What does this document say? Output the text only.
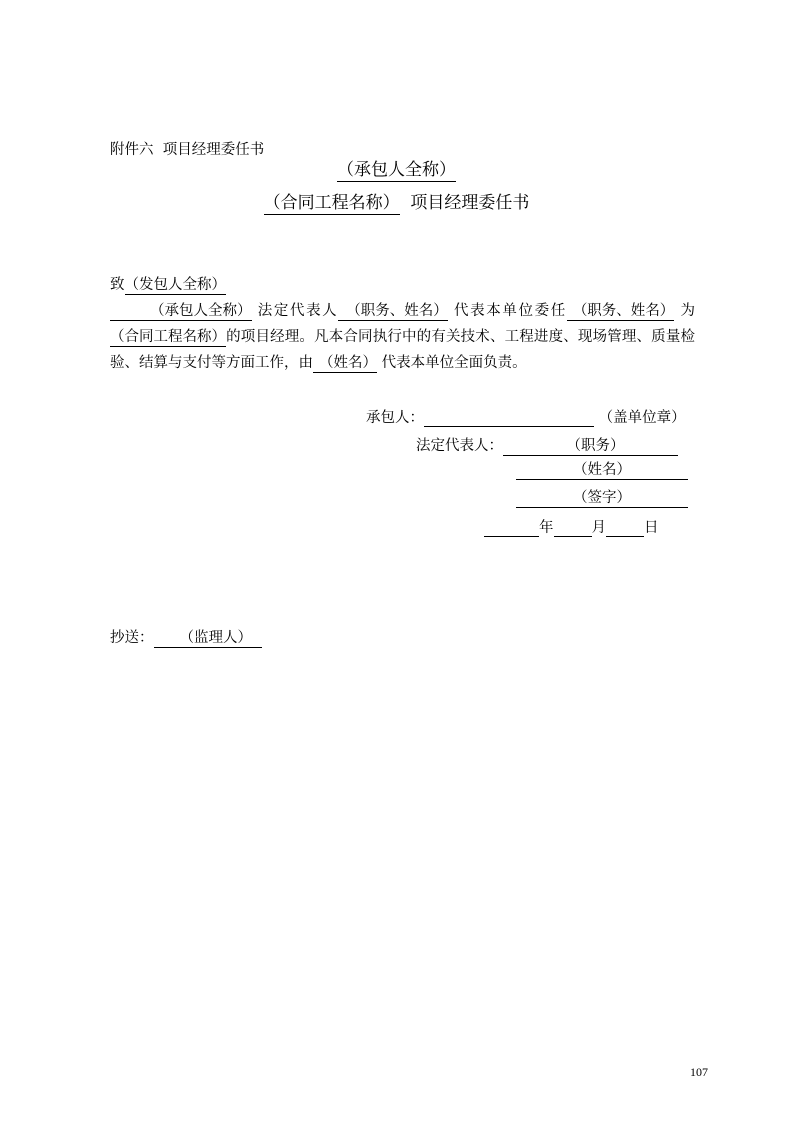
附件六 项目经理委任书
（承包人全称）
（合同工程名称） 项目经理委任书
致（发包人全称）
（承包人全称） 法定代表人 （职务、姓名） 代表本单位委任 （职务、姓名） 为（合同工程名称）的项目经理。凡本合同执行中的有关技术、工程进度、现场管理、质量检验、结算与支付等方面工作，由 （姓名） 代表本单位全面负责。
承包人：	（盖单位章）
法定代表人：	（职务）
（姓名）
（签字）
年	月	日
抄送： （监理人）
107
